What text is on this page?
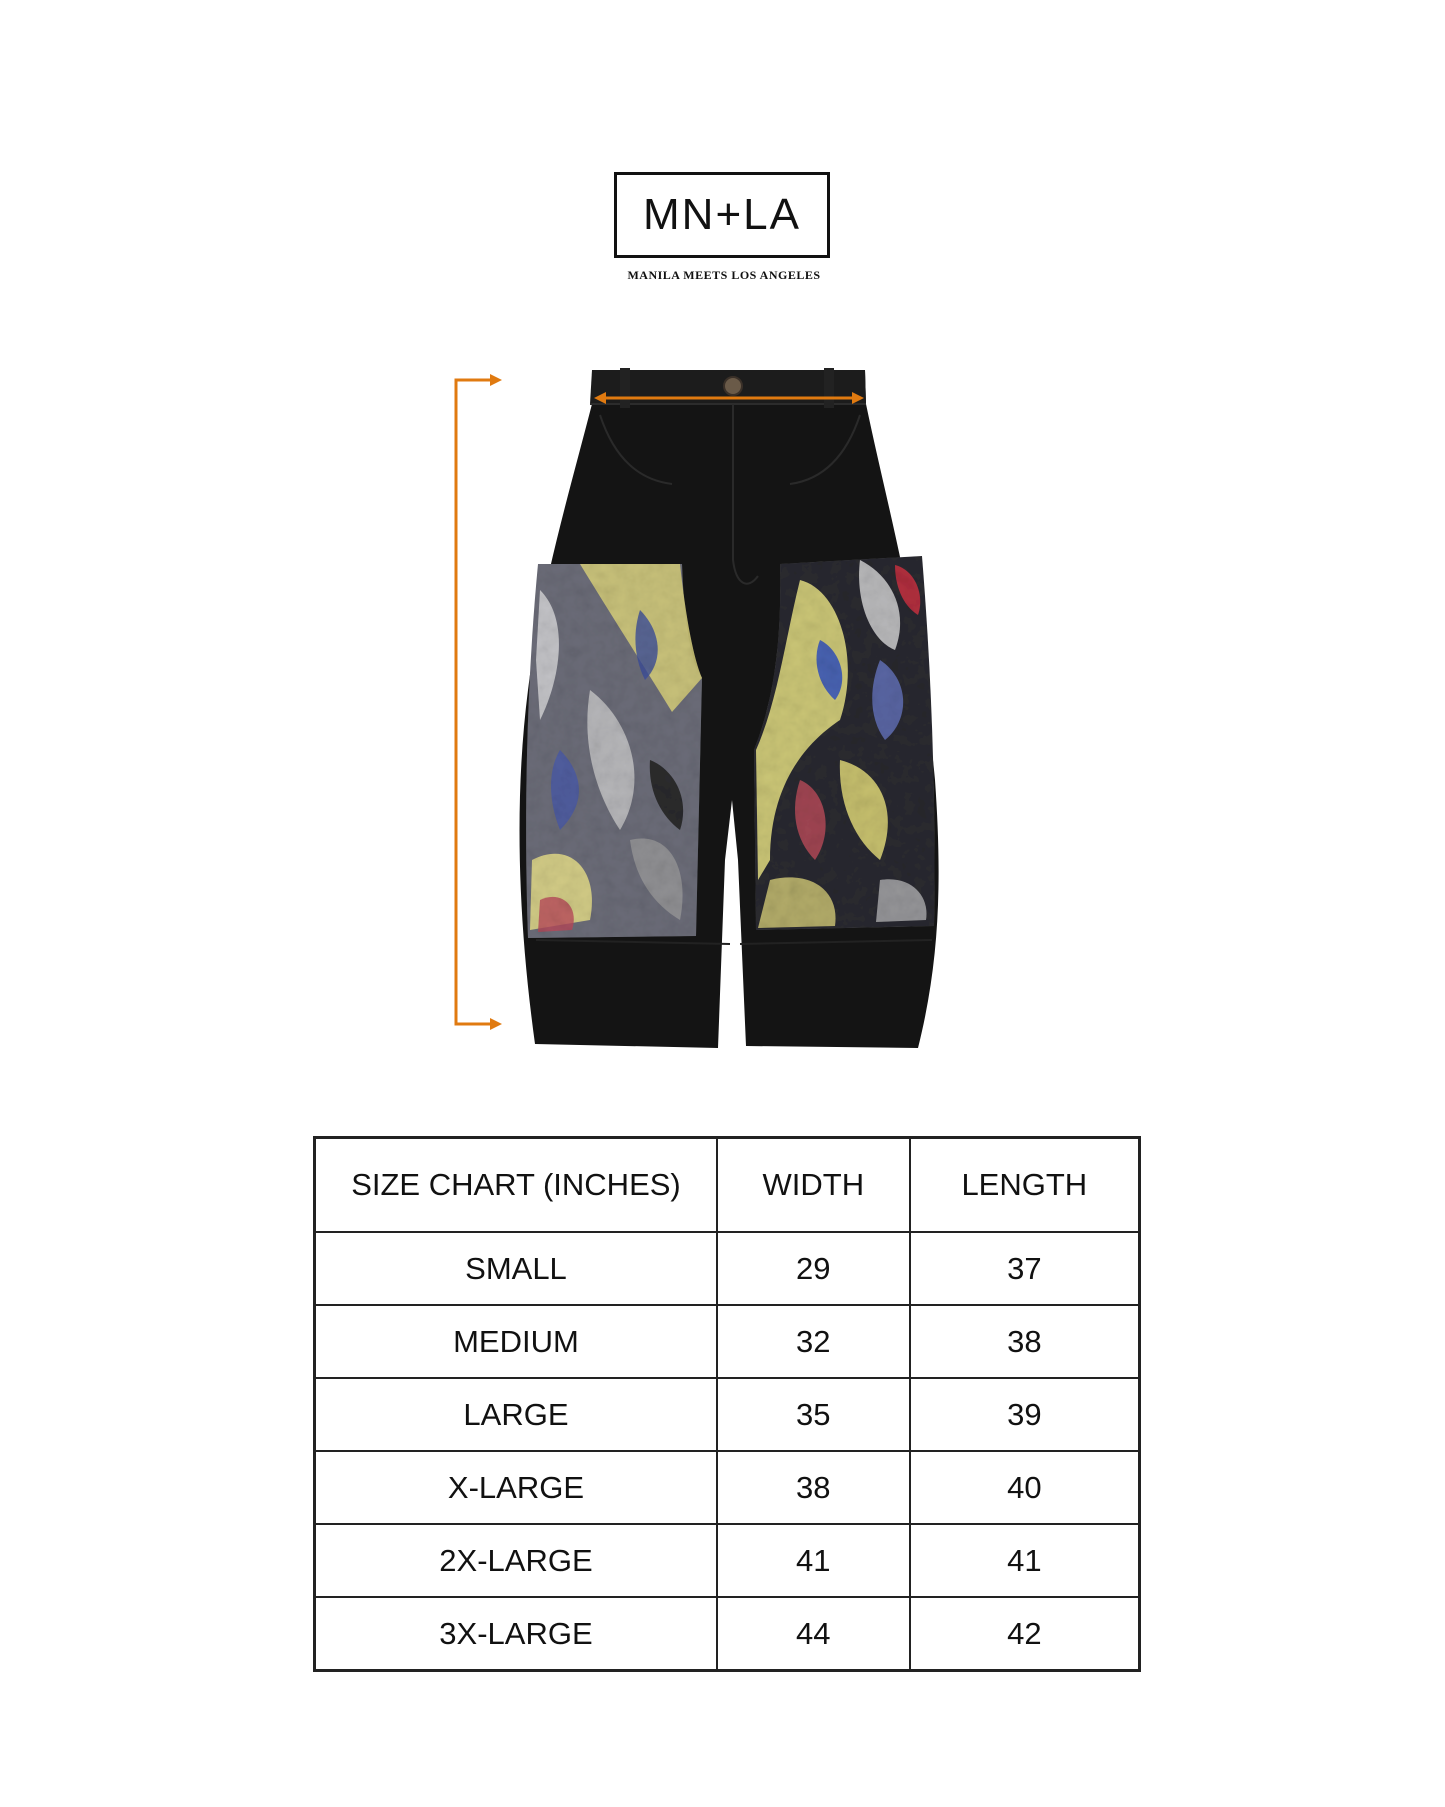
MN+LA
MANILA MEETS LOS ANGELES
SIZE CHART (INCHES)	WIDTH	LENGTH
SMALL	29	37
MEDIUM	32	38
LARGE	35	39
X-LARGE	38	40
2X-LARGE	41	41
3X-LARGE	44	42
